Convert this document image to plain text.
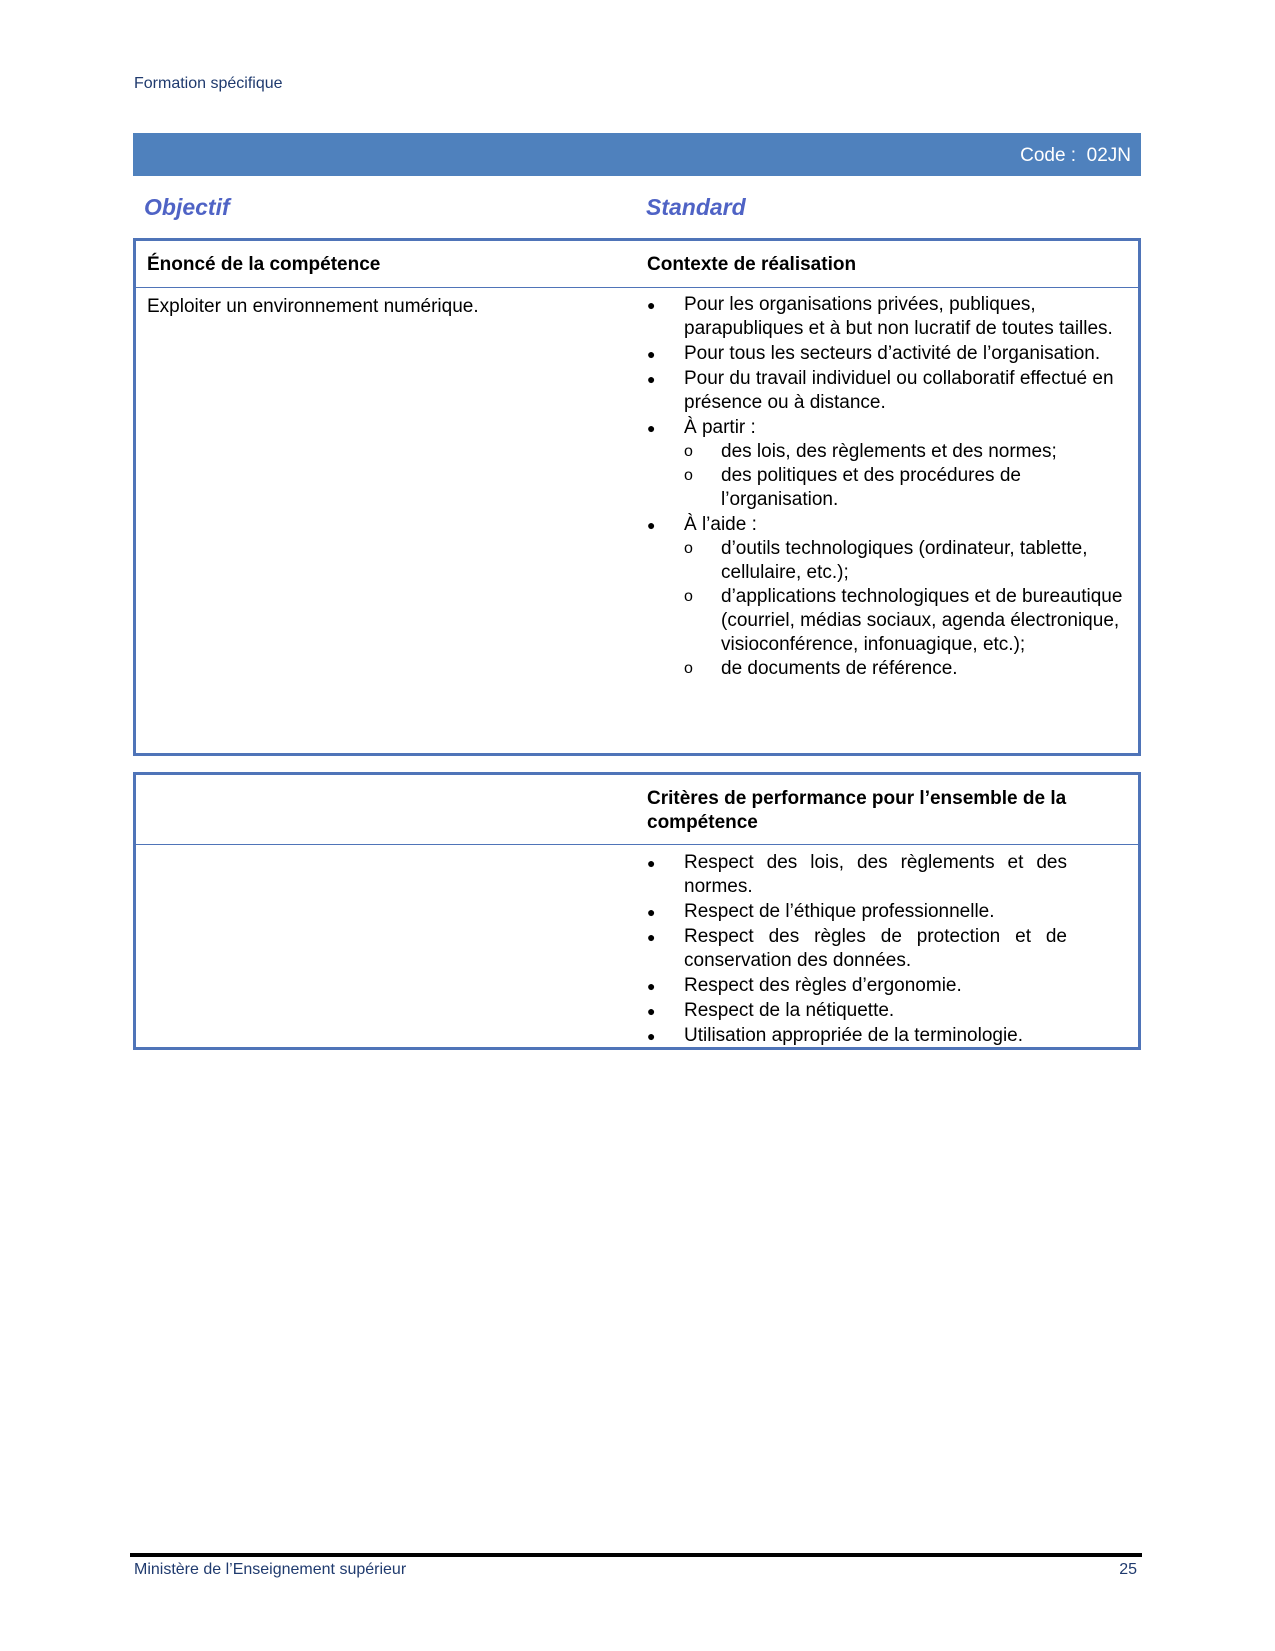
Formation spécifique
Code : 02JN
Objectif	Standard
Énoncé de la compétence	Contexte de réalisation
Exploiter un environnement numérique.	●	Pour les organisations privées, publiques, parapubliques et à but non lucratif de toutes tailles.
●	Pour tous les secteurs d’activité de l’organisation.
●	Pour du travail individuel ou collaboratif effectué en présence ou à distance.
●	À partir :
o des lois, des règlements et des normes;
o des politiques et des procédures de l’organisation.
●	À l’aide :
o d’outils technologiques (ordinateur, tablette, cellulaire, etc.);
o d’applications technologiques et de bureautique (courriel, médias sociaux, agenda électronique, visioconférence, infonuagique, etc.);
o de documents de référence.
Critères de performance pour l’ensemble de la compétence
●	Respect des lois, des règlements et des normes.
●	Respect de l’éthique professionnelle.
●	Respect des règles de protection et de conservation des données.
●	Respect des règles d’ergonomie.
●	Respect de la nétiquette.
●	Utilisation appropriée de la terminologie.
Ministère de l’Enseignement supérieur	25
